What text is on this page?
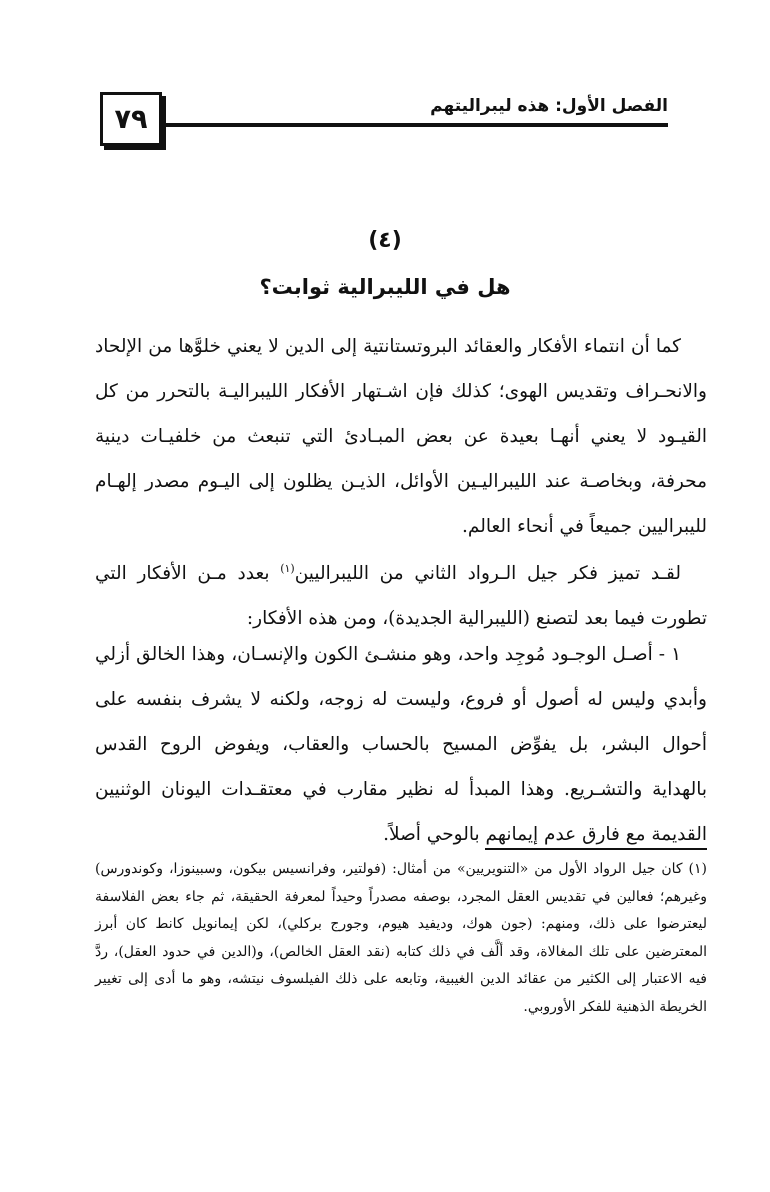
٧٩	الفصل الأول: هذه ليبراليتهم
(٤)
هل في الليبرالية ثوابت؟

كما أن انتماء الأفكار والعقائد البروتستانتية إلى الدين لا يعني خلوَّها من الإلحاد والانحـراف وتقديس الهوى؛ كذلك فإن اشـتهار الأفكار الليبراليـة بالتحرر من كل القيـود لا يعني أنهـا بعيدة عن بعض المبـادئ التي تنبعث من خلفيـات دينية محرفة، وبخاصـة عند الليبراليـين الأوائل، الذيـن يظلون إلى اليـوم مصدر إلهـام لليبراليين جميعاً في أنحاء العالم.

لقـد تميز فكر جيل الـرواد الثاني من الليبراليين$^{(١)}$ بعدد مـن الأفكار التي تطورت فيما بعد لتصنع (الليبرالية الجديدة)، ومن هذه الأفكار:

١ - أصـل الوجـود مُوجِد واحد، وهو منشـئ الكون والإنسـان، وهذا الخالق أزلي وأبدي وليس له أصول أو فروع، وليست له زوجه، ولكنه لا يشرف بنفسه على أحوال البشر، بل يفوِّض المسيح بالحساب والعقاب، ويفوض الروح القدس بالهداية والتشـريع. وهذا المبدأ له نظير مقارب في معتقـدات اليونان الوثنيين القديمة مع فارق عدم إيمانهم بالوحي أصلاً.

(١) كان جيل الرواد الأول من «التنويريين» من أمثال: (فولتير، وفرانسيس بيكون، وسبينوزا، وكوندورس) وغيرهم؛ فعالين في تقديس العقل المجرد، بوصفه مصدراً وحيداً لمعرفة الحقيقة، ثم جاء بعض الفلاسفة ليعترضوا على ذلك، ومنهم: (جون هوك، وديفيد هيوم، وجورج بركلي)، لكن إيمانويل كانط كان أبرز المعترضين على تلك المغالاة، وقد ألَّف في ذلك كتابه (نقد العقل الخالص)، و(الدين في حدود العقل)، ردَّ فيه الاعتبار إلى الكثير من عقائد الدين الغيبية، وتابعه على ذلك الفيلسوف نيتشه، وهو ما أدى إلى تغيير الخريطة الذهنية للفكر الأوروبي.
